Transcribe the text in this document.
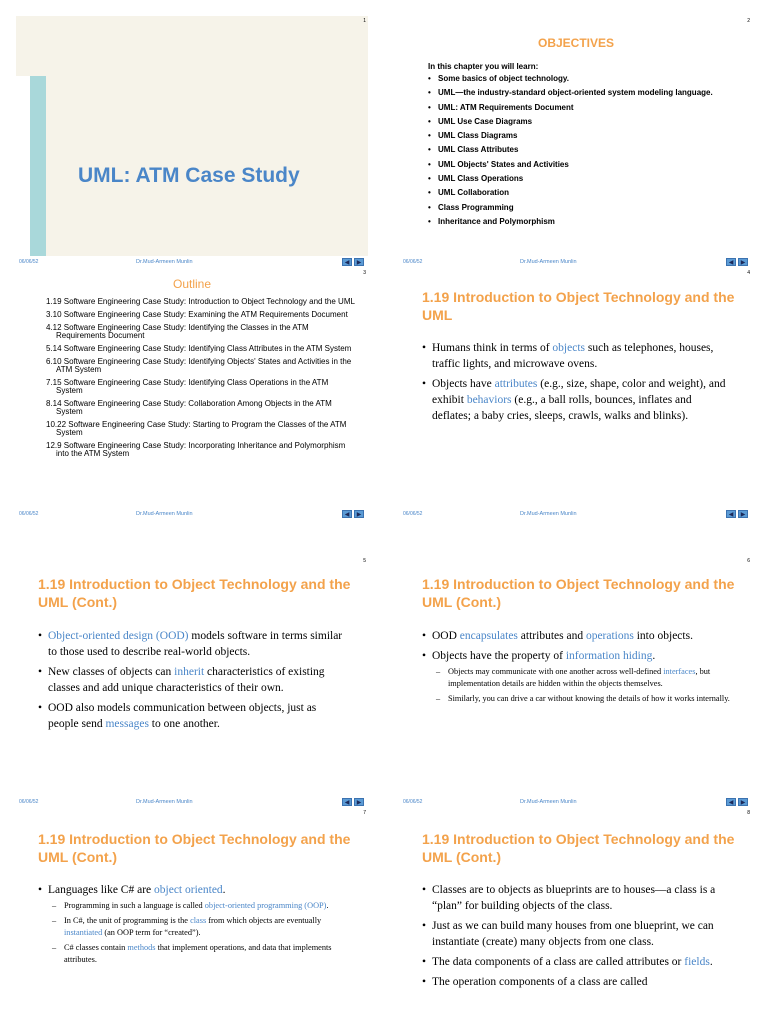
1
UML: ATM Case Study
06/06/52	Dr.Mud-Armeen Munlin	◀	▶
2
OBJECTIVES
In this chapter you will learn:
• Some basics of object technology.
• UML—the industry-standard object-oriented system modeling language.
• UML: ATM Requirements Document
• UML Use Case Diagrams
• UML Class Diagrams
• UML Class Attributes
• UML Objects' States and Activities
• UML Class Operations
• UML Collaboration
• Class Programming
• Inheritance and Polymorphism
06/06/52	Dr.Mud-Armeen Munlin	◀	▶
3
Outline
1.19 Software Engineering Case Study: Introduction to Object Technology and the UML
3.10 Software Engineering Case Study: Examining the ATM Requirements Document
4.12 Software Engineering Case Study: Identifying the Classes in the ATM Requirements Document
5.14 Software Engineering Case Study: Identifying Class Attributes in the ATM System
6.10 Software Engineering Case Study: Identifying Objects' States and Activities in the ATM System
7.15 Software Engineering Case Study: Identifying Class Operations in the ATM System
8.14 Software Engineering Case Study: Collaboration Among Objects in the ATM System
10.22 Software Engineering Case Study: Starting to Program the Classes of the ATM System
12.9 Software Engineering Case Study: Incorporating Inheritance and Polymorphism into the ATM System
06/06/52	Dr.Mud-Armeen Munlin	◀	▶
4
1.19 Introduction to Object Technology and the UML
• Humans think in terms of objects such as telephones, houses, traffic lights, and microwave ovens.
• Objects have attributes (e.g., size, shape, color and weight), and exhibit behaviors (e.g., a ball rolls, bounces, inflates and deflates; a baby cries, sleeps, crawls, walks and blinks).
06/06/52	Dr.Mud-Armeen Munlin	◀	▶
5
1.19 Introduction to Object Technology and the UML (Cont.)
• Object-oriented design (OOD) models software in terms similar to those used to describe real-world objects.
• New classes of objects can inherit characteristics of existing classes and add unique characteristics of their own.
• OOD also models communication between objects, just as people send messages to one another.
06/06/52	Dr.Mud-Armeen Munlin	◀	▶
6
1.19 Introduction to Object Technology and the UML (Cont.)
• OOD encapsulates attributes and operations into objects.
• Objects have the property of information hiding.
– Objects may communicate with one another across well-defined interfaces, but implementation details are hidden within the objects themselves.
– Similarly, you can drive a car without knowing the details of how it works internally.
06/06/52	Dr.Mud-Armeen Munlin	◀	▶
7
1.19 Introduction to Object Technology and the UML (Cont.)
• Languages like C# are object oriented.
– Programming in such a language is called object-oriented programming (OOP).
– In C#, the unit of programming is the class from which objects are eventually instantiated (an OOP term for “created”).
– C# classes contain methods that implement operations, and data that implements attributes.
8
1.19 Introduction to Object Technology and the UML (Cont.)
• Classes are to objects as blueprints are to houses—a class is a “plan” for building objects of the class.
• Just as we can build many houses from one blueprint, we can instantiate (create) many objects from one class.
• The data components of a class are called attributes or fields.
• The operation components of a class are called
